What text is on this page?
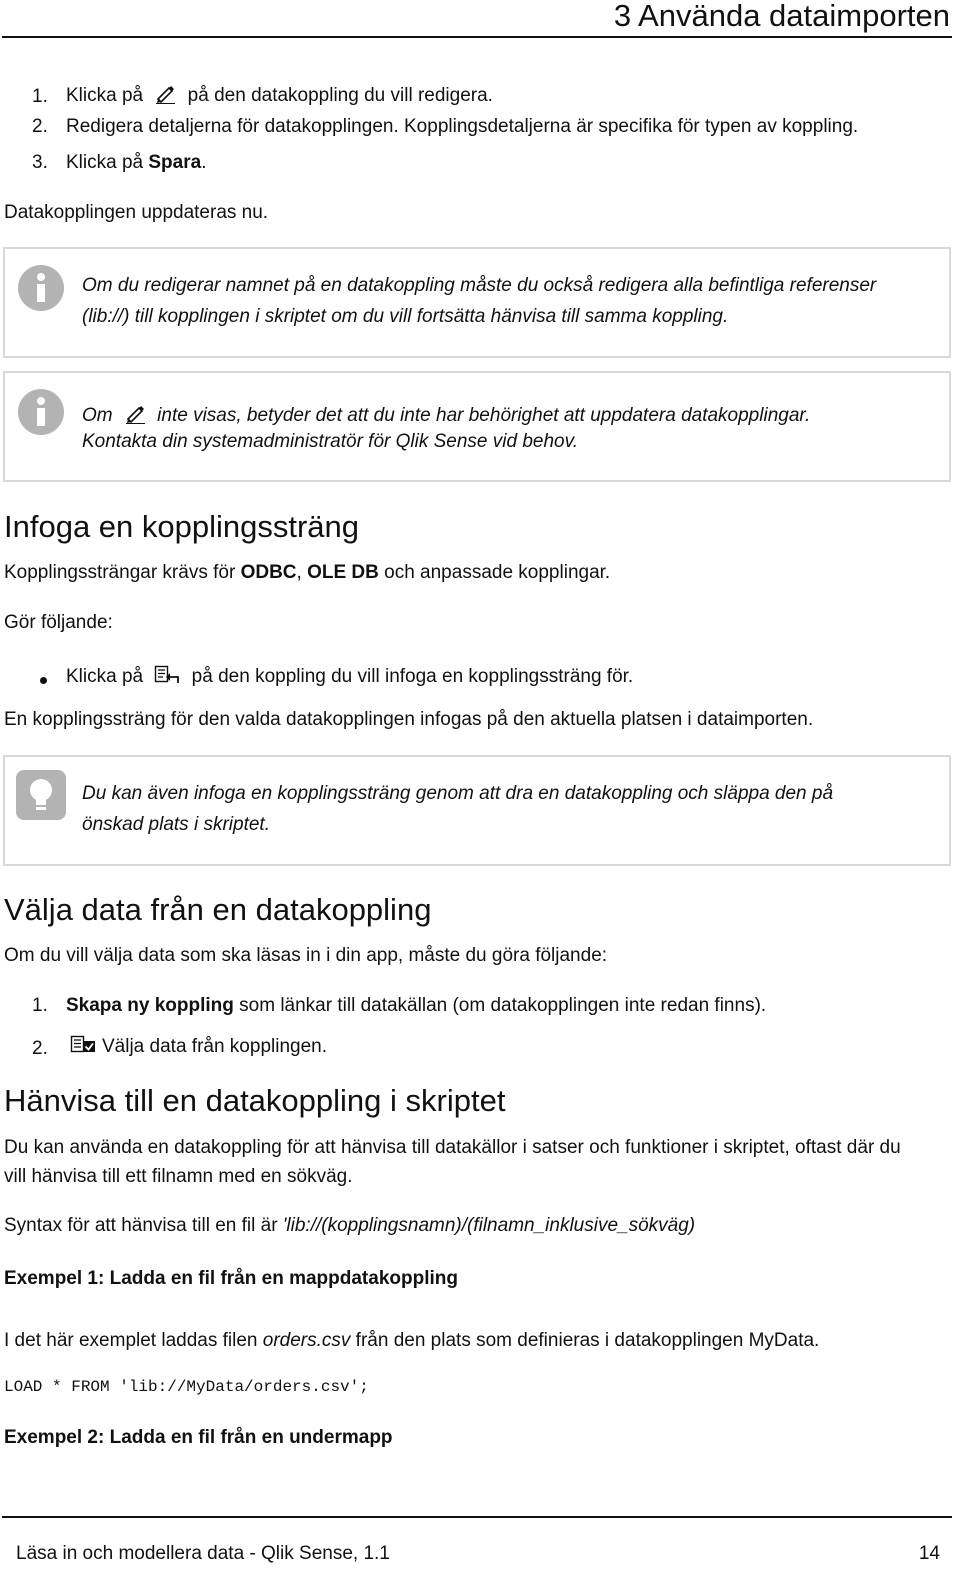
3 Använda dataimporten
1. Klicka på på den datakoppling du vill redigera.
2. Redigera detaljerna för datakopplingen. Kopplingsdetaljerna är specifika för typen av koppling.
3. Klicka på Spara.
Datakopplingen uppdateras nu.
Om du redigerar namnet på en datakoppling måste du också redigera alla befintliga referenser
(lib://) till kopplingen i skriptet om du vill fortsätta hänvisa till samma koppling.
Om inte visas, betyder det att du inte har behörighet att uppdatera datakopplingar.
Kontakta din systemadministratör för Qlik Sense vid behov.
Infoga en kopplingssträng
Kopplingssträngar krävs för ODBC, OLE DB och anpassade kopplingar.
Gör följande:
Klicka på	på den koppling du vill infoga en kopplingssträng för.
En kopplingssträng för den valda datakopplingen infogas på den aktuella platsen i dataimporten.
Du kan även infoga en kopplingssträng genom att dra en datakoppling och släppa den på
önskad plats i skriptet.
Välja data från en datakoppling
Om du vill välja data som ska läsas in i din app, måste du göra följande:
1. Skapa ny koppling som länkar till datakällan (om datakopplingen inte redan finns).
2.	Välja data från kopplingen.
Hänvisa till en datakoppling i skriptet
Du kan använda en datakoppling för att hänvisa till datakällor i satser och funktioner i skriptet, oftast där du
vill hänvisa till ett filnamn med en sökväg.
Syntax för att hänvisa till en fil är 'lib://(kopplingsnamn)/(filnamn_inklusive_sökväg)
Exempel 1: Ladda en fil från en mappdatakoppling
I det här exemplet laddas filen orders.csv från den plats som definieras i datakopplingen MyData.
LOAD * FROM 'lib://MyData/orders.csv';
Exempel 2: Ladda en fil från en undermapp
Läsa in och modellera data - Qlik Sense, 1.1	14
